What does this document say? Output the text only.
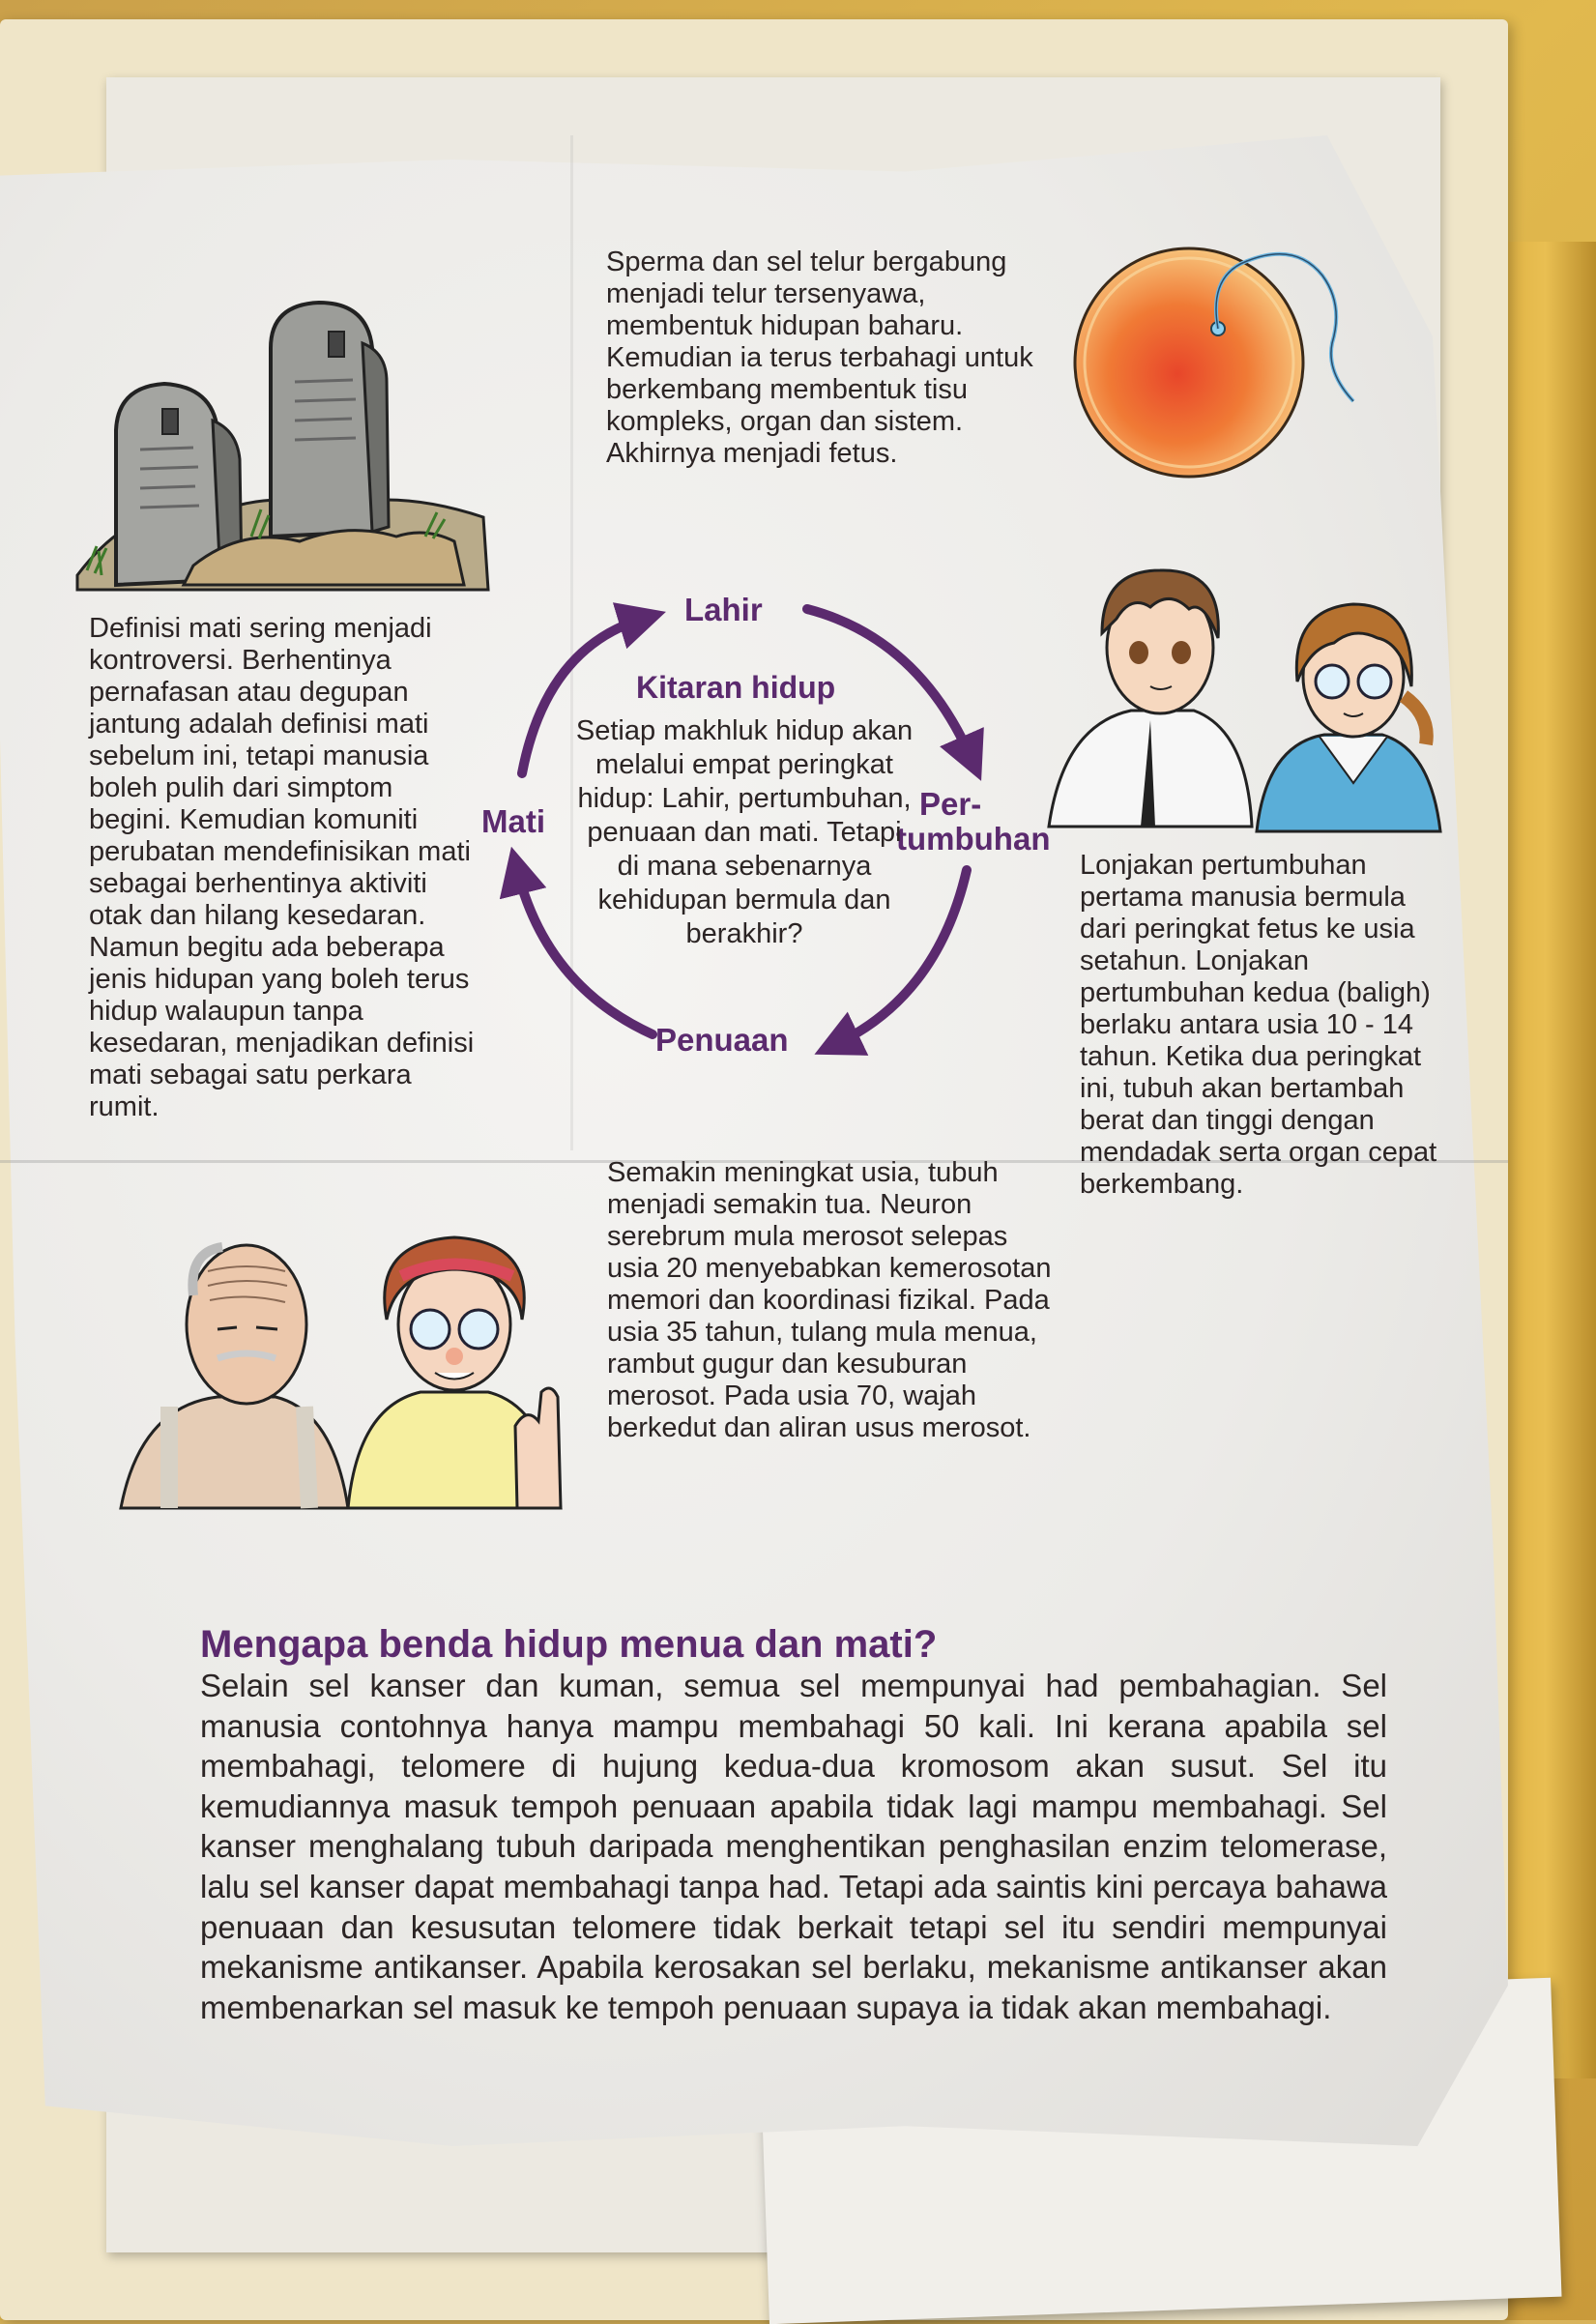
Sperma dan sel telur bergabung menjadi telur tersenyawa, membentuk hidupan baharu. Kemudian ia terus terbahagi untuk berkembang membentuk tisu kompleks, organ dan sistem. Akhirnya menjadi fetus.
Definisi mati sering menjadi kontroversi. Berhentinya pernafasan atau degupan jantung adalah definisi mati sebelum ini, tetapi manusia boleh pulih dari simptom begini. Kemudian komuniti perubatan mendefinisikan mati sebagai berhentinya aktiviti otak dan hilang kesedaran. Namun begitu ada beberapa jenis hidupan yang boleh terus hidup walaupun tanpa kesedaran, menjadikan definisi mati sebagai satu perkara rumit.
Lonjakan pertumbuhan pertama manusia bermula dari peringkat fetus ke usia setahun. Lonjakan pertumbuhan kedua (baligh) berlaku antara usia 10 - 14 tahun. Ketika dua peringkat ini, tubuh akan bertambah berat dan tinggi dengan mendadak serta organ cepat berkembang.
Semakin meningkat usia, tubuh menjadi semakin tua. Neuron serebrum mula merosot selepas usia 20 menyebabkan kemerosotan memori dan koordinasi fizikal. Pada usia 35 tahun, tulang mula menua, rambut gugur dan kesuburan merosot. Pada usia 70, wajah berkedut dan aliran usus merosot.
Lahir
Per-
tumbuhan
Penuaan
Mati
Kitaran hidup
Setiap makhluk hidup akan melalui empat peringkat hidup: Lahir, pertumbuhan, penuaan dan mati. Tetapi di mana sebenarnya kehidupan bermula dan berakhir?
Mengapa benda hidup menua dan mati?
Selain sel kanser dan kuman, semua sel mempunyai had pembahagian. Sel manusia contohnya hanya mampu membahagi 50 kali. Ini kerana apabila sel membahagi, telomere di hujung kedua-dua kromosom akan susut. Sel itu kemudiannya masuk tempoh penuaan apabila tidak lagi mampu membahagi. Sel kanser menghalang tubuh daripada menghentikan penghasilan enzim telomerase, lalu sel kanser dapat membahagi tanpa had. Tetapi ada saintis kini percaya bahawa penuaan dan kesusutan telomere tidak berkait tetapi sel itu sendiri mempunyai mekanisme antikanser. Apabila kerosakan sel berlaku, mekanisme antikanser akan membenarkan sel masuk ke tempoh penuaan supaya ia tidak akan membahagi.
